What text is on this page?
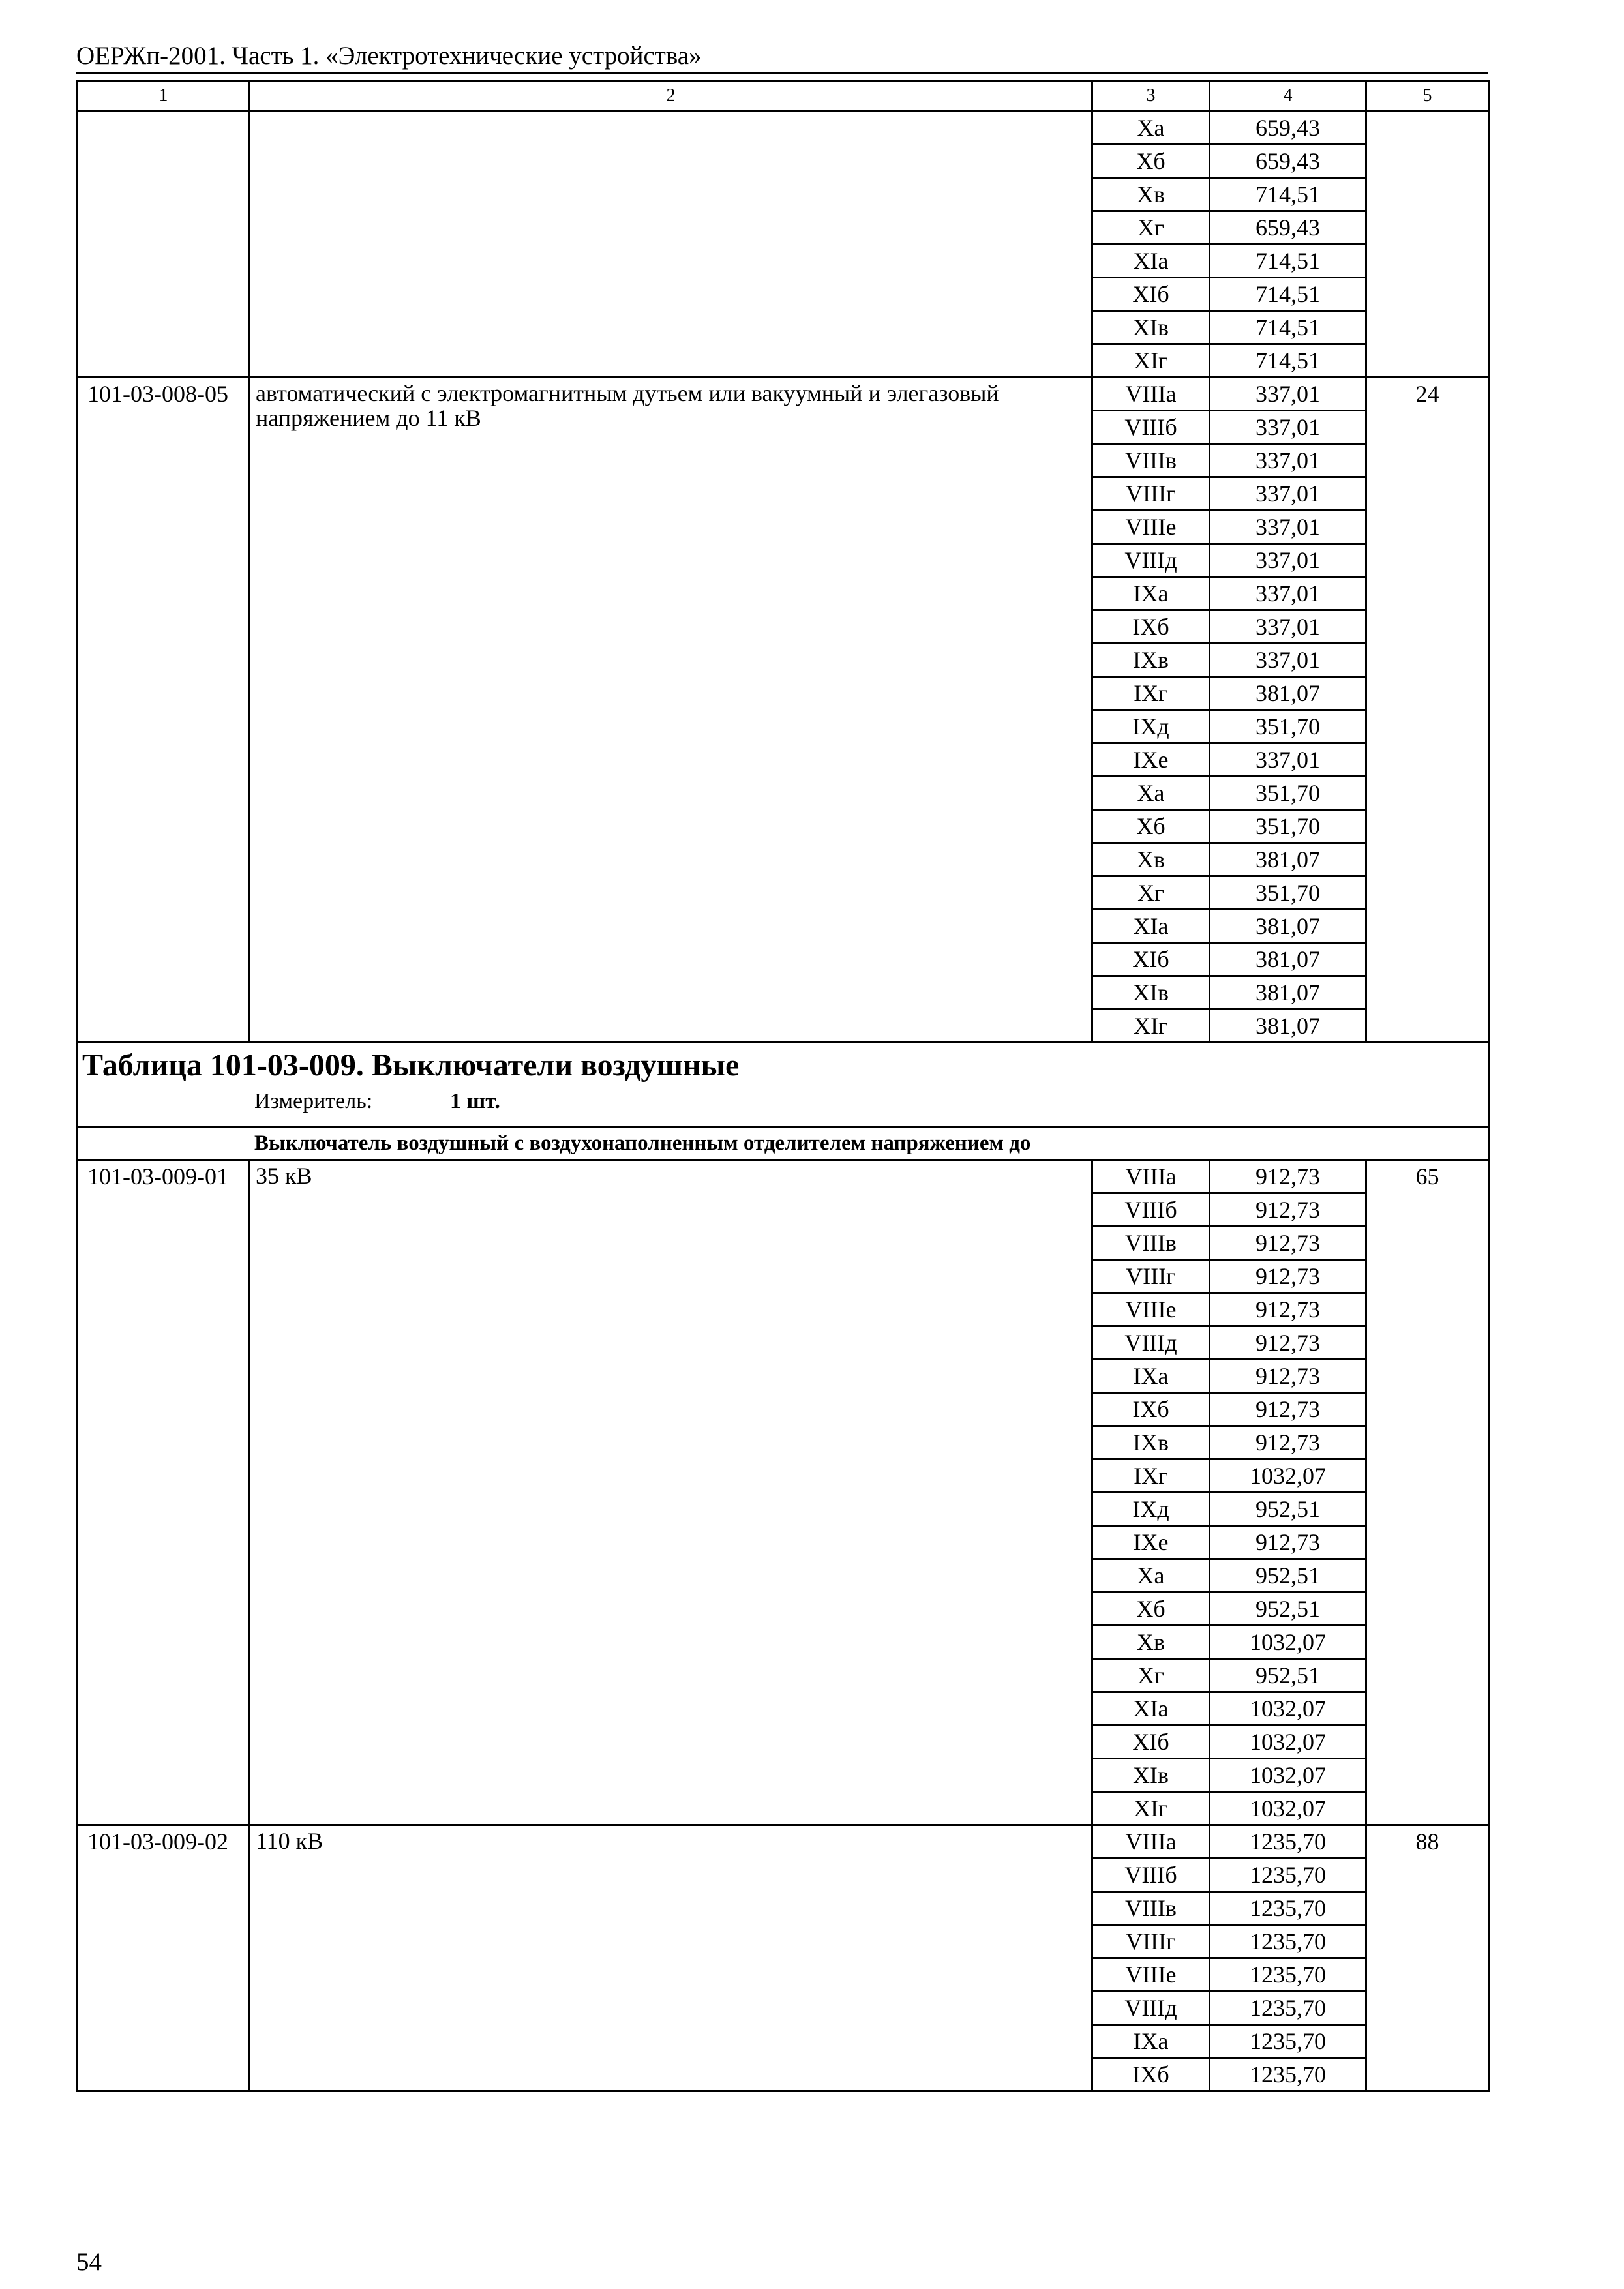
ОЕРЖп-2001. Часть 1. «Электротехнические устройства»
1	2	3	4	5
		Xa	659,43	
		Xб	659,43	
		Xв	714,51	
		Xг	659,43	
		XIa	714,51	
		XIб	714,51	
		XIв	714,51	
		XIг	714,51	
101-03-008-05	автоматический с электромагнитным дутьем или вакуумный и элегазовый напряжением до 11 кВ	VIIIa	337,01	24
		VIIIб	337,01	
		VIIIв	337,01	
		VIIIг	337,01	
		VIIIе	337,01	
		VIIIд	337,01	
		IXa	337,01	
		IXб	337,01	
		IXв	337,01	
		IXг	381,07	
		IXд	351,70	
		IXе	337,01	
		Xa	351,70	
		Xб	351,70	
		Xв	381,07	
		Xг	351,70	
		XIa	381,07	
		XIб	381,07	
		XIв	381,07	
		XIг	381,07	

Таблица 101-03-009. Выключатели воздушные
Измеритель: 1 шт.				

Выключатель воздушный с воздухонаполненным отделителем напряжением до				
101-03-009-01	35 кВ	VIIIa	912,73	65
		VIIIб	912,73	
		VIIIв	912,73	
		VIIIг	912,73	
		VIIIе	912,73	
		VIIIд	912,73	
		IXa	912,73	
		IXб	912,73	
		IXв	912,73	
		IXг	1032,07	
		IXд	952,51	
		IXе	912,73	
		Xa	952,51	
		Xб	952,51	
		Xв	1032,07	
		Xг	952,51	
		XIa	1032,07	
		XIб	1032,07	
		XIв	1032,07	
		XIг	1032,07	
101-03-009-02	110 кВ	VIIIa	1235,70	88
		VIIIб	1235,70	
		VIIIв	1235,70	
		VIIIг	1235,70	
		VIIIе	1235,70	
		VIIIд	1235,70	
		IXa	1235,70	
		IXб	1235,70	
54
